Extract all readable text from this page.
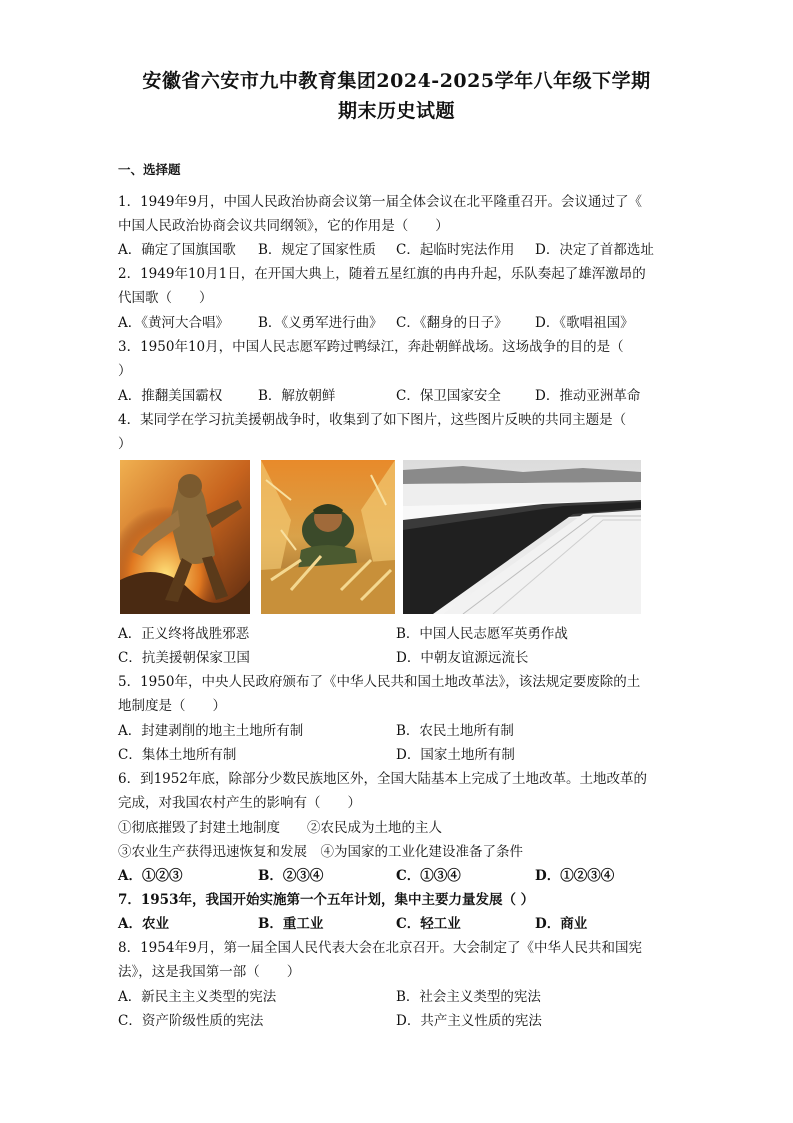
安徽省六安市九中教育集团2024-2025学年八年级下学期
期末历史试题
一、选择题
1．1949年9月，中国人民政治协商会议第一届全体会议在北平隆重召开。会议通过了《
中国人民政治协商会议共同纲领》，它的作用是（　　）
A．确定了国旗国歌 B．规定了国家性质 C．起临时宪法作用 D．决定了首都选址
2．1949年10月1日，在开国大典上，随着五星红旗的冉冉升起，乐队奏起了雄浑激昂的
代国歌（　　）
A．《黄河大合唱》 B．《义勇军进行曲》 C．《翻身的日子》 D．《歌唱祖国》
3．1950年10月，中国人民志愿军跨过鸭绿江，奔赴朝鲜战场。这场战争的目的是（
）
A．推翻美国霸权	B．解放朝鲜	C．保卫国家安全	D．推动亚洲革命
4．某同学在学习抗美援朝战争时，收集到了如下图片，这些图片反映的共同主题是（
）
A．正义终将战胜邪恶	B．中国人民志愿军英勇作战
C．抗美援朝保家卫国	D．中朝友谊源远流长
5．1950年，中央人民政府颁布了《中华人民共和国土地改革法》，该法规定要废除的土
地制度是（　　）
A．封建剥削的地主土地所有制	B．农民土地所有制
C．集体土地所有制	D．国家土地所有制
6．到1952年底，除部分少数民族地区外，全国大陆基本上完成了土地改革。土地改革的
完成，对我国农村产生的影响有（　　）
①彻底摧毁了封建土地制度　　②农民成为土地的主人
③农业生产获得迅速恢复和发展　④为国家的工业化建设准备了条件
A．①②③	B．②③④	C．①③④	D．①②③④
7．1953年，我国开始实施第一个五年计划，集中主要力量发展（ ）
A．农业	B．重工业	C．轻工业	D．商业
8．1954年9月，第一届全国人民代表大会在北京召开。大会制定了《中华人民共和国宪
法》，这是我国第一部（　　）
A．新民主主义类型的宪法	B．社会主义类型的宪法
C．资产阶级性质的宪法	D．共产主义性质的宪法
